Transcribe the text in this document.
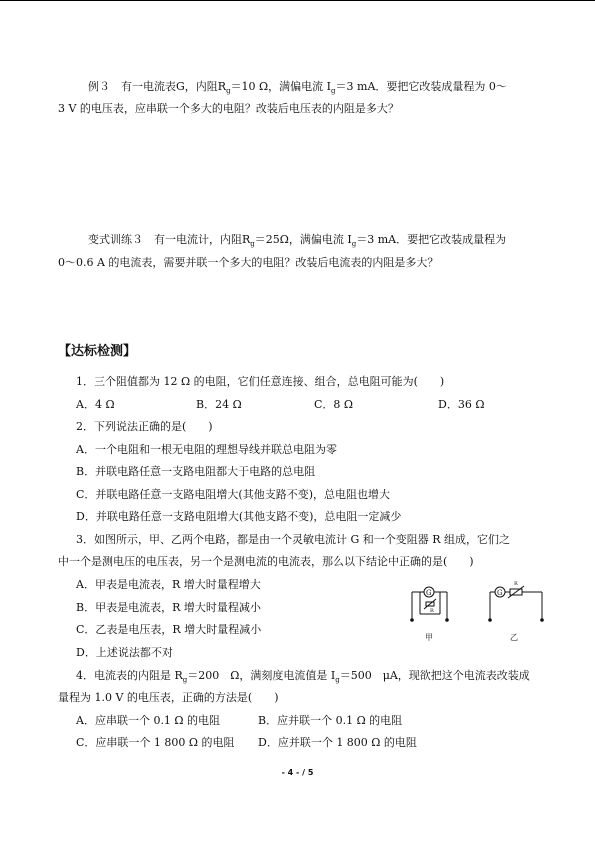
例３　有一电流表G，内阻$R_g=10$ Ω，满偏电流 $I_g=3$ mA．要把它改装成量程为 0～
3 V 的电压表，应串联一个多大的电阻？改装后电压表的内阻是多大？
变式训练３　有一电流计，内阻$R_g=25\Omega$，满偏电流 $I_g=3$ mA．要把它改装成量程为
0～0.6 A 的电流表，需要并联一个多大的电阻？改装后电流表的内阻是多大？
【达标检测】
1．三个阻值都为 12 Ω 的电阻，它们任意连接、组合，总电阻可能为(　　)
A．4 Ω	B．24 Ω	C．8 Ω	D．36 Ω
2．下列说法正确的是(　　)
A．一个电阻和一根无电阻的理想导线并联总电阻为零
B．并联电路任意一支路电阻都大于电路的总电阻
C．并联电路任意一支路电阻增大(其他支路不变)，总电阻也增大
D．并联电路任意一支路电阻增大(其他支路不变)，总电阻一定减少
3．如图所示，甲、乙两个电路，都是由一个灵敏电流计 G 和一个变阻器 R 组成，它们之
中一个是测电压的电压表，另一个是测电流的电流表，那么以下结论中正确的是(　　)
A．甲表是电流表，R 增大时量程增大
B．甲表是电流表，R 增大时量程减小
C．乙表是电压表，R 增大时量程减小
D．上述说法都不对
G
R
甲
G
R
乙
4．电流表的内阻是 $R_g=200$　Ω，满刻度电流值是 $I_g=500$　μA，现欲把这个电流表改装成
量程为 1.0 V 的电压表，正确的方法是(　　)
A．应串联一个 0.1 Ω 的电阻	B．应并联一个 0.1 Ω 的电阻
C．应串联一个 1 800 Ω 的电阻 D．应并联一个 1 800 Ω 的电阻
- 4 - / 5
